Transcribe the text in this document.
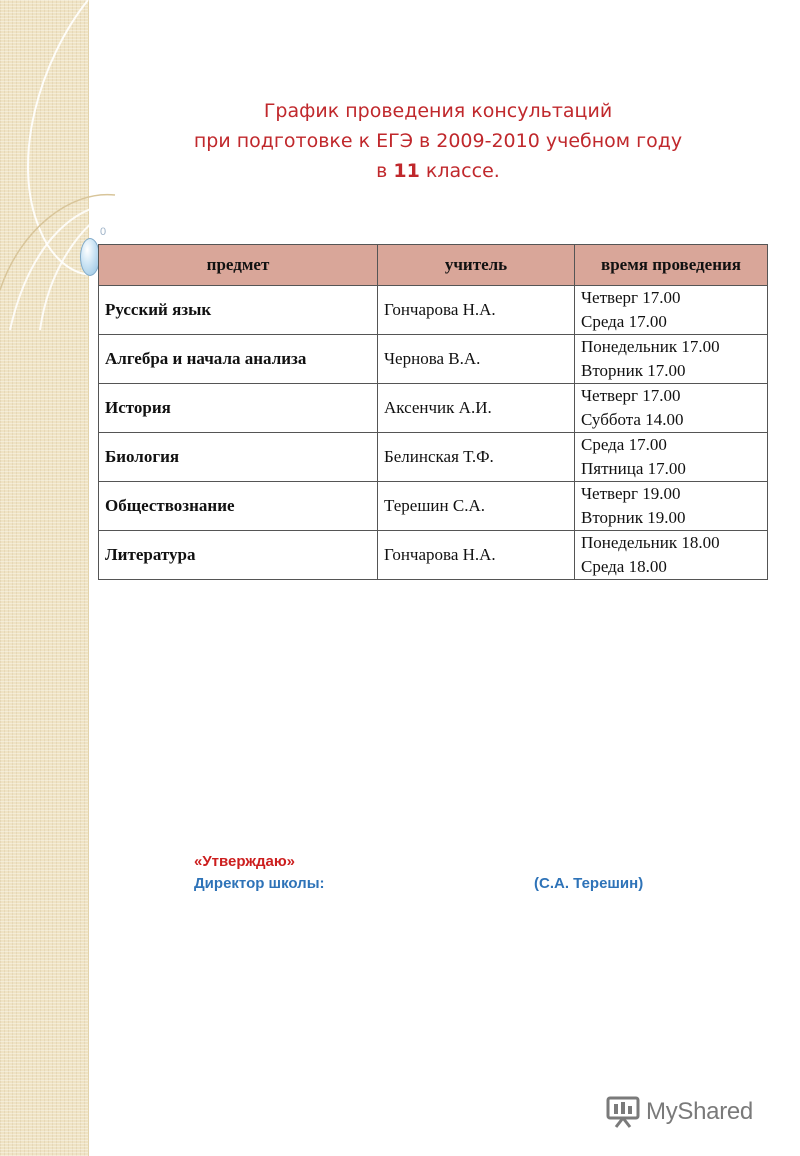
0
График проведения консультаций
при подготовке к ЕГЭ в 2009-2010 учебном году
в 11 классе.
предмет	учитель	время проведения
Русский язык	Гончарова Н.А.	Четверг 17.00
Среда 17.00
Алгебра и начала анализа	Чернова В.А.	Понедельник 17.00
Вторник 17.00
История	Аксенчик А.И.	Четверг 17.00
Суббота 14.00
Биология	Белинская Т.Ф.	Среда 17.00
Пятница 17.00
Обществознание	Терешин С.А.	Четверг 19.00
Вторник 19.00
Литература	Гончарова Н.А.	Понедельник 18.00
Среда 18.00
«Утверждаю»
Директор школы:	(С.А. Терешин)
MyShared
